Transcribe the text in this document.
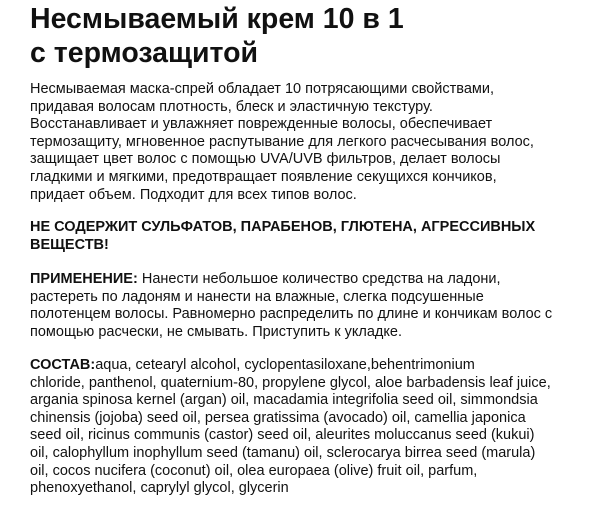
Несмываемый крем 10 в 1
с термозащитой

Несмываемая маска-спрей обладает 10 потрясающими свойствами,
придавая волосам плотность, блеск и эластичную текстуру.
Восстанавливает и увлажняет поврежденные волосы, обеспечивает
термозащиту, мгновенное распутывание для легкого расчесывания волос,
защищает цвет волос с помощью UVA/UVB фильтров, делает волосы
гладкими и мягкими, предотвращает появление секущихся кончиков,
придает объем. Подходит для всех типов волос.

НЕ СОДЕРЖИТ СУЛЬФАТОВ, ПАРАБЕНОВ, ГЛЮТЕНА, АГРЕССИВНЫХ
ВЕЩЕСТВ!

ПРИМЕНЕНИЕ: Нанести небольшое количество средства на ладони,
растереть по ладоням и нанести на влажные, слегка подсушенные
полотенцем волосы. Равномерно распределить по длине и кончикам волос с
помощью расчески, не смывать. Приступить к укладке.

СОСТАВ:aqua, cetearyl alcohol, cyclopentasiloxane,behentrimonium
chloride, panthenol, quaternium-80, propylene glycol, aloe barbadensis leaf juice,
argania spinosa kernel (argan) oil, macadamia integrifolia seed oil, simmondsia
chinensis (jojoba) seed oil, persea gratissima (avocado) oil, camellia japonica
seed oil, ricinus communis (castor) seed oil, aleurites moluccanus seed (kukui)
oil, calophyllum inophyllum seed (tamanu) oil, sclerocarya birrea seed (marula)
oil, cocos nucifera (coconut) oil, olea europaea (olive) fruit oil, parfum,
phenoxyethanol, caprylyl glycol, glycerin
